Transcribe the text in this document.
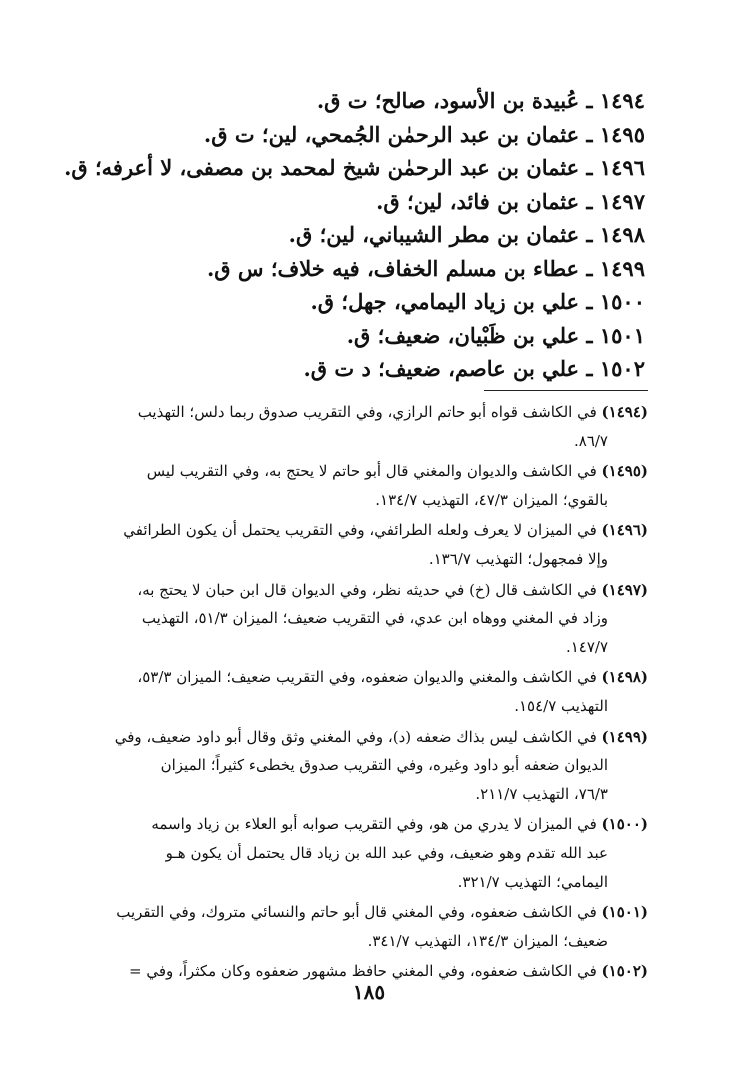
١٤٩٤ ـ عُبيدة بن الأسود، صالح؛ ت ق.
١٤٩٥ ـ عثمان بن عبد الرحمٰن الجُمحي، لين؛ ت ق.
١٤٩٦ ـ عثمان بن عبد الرحمٰن شيخ لمحمد بن مصفى، لا أعرفه؛ ق.
١٤٩٧ ـ عثمان بن فائد، لين؛ ق.
١٤٩٨ ـ عثمان بن مطر الشيباني، لين؛ ق.
١٤٩٩ ـ عطاء بن مسلم الخفاف، فيه خلاف؛ س ق.
١٥٠٠ ـ علي بن زياد اليمامي، جهل؛ ق.
١٥٠١ ـ علي بن ظَبْيان، ضعيف؛ ق.
١٥٠٢ ـ علي بن عاصم، ضعيف؛ د ت ق.
(١٤٩٤) في الكاشف قواه أبو حاتم الرازي، وفي التقريب صدوق ربما دلس؛ التهذيب
٨٦/٧.
(١٤٩٥) في الكاشف والديوان والمغني قال أبو حاتم لا يحتج به، وفي التقريب ليس
بالقوي؛ الميزان ٤٧/٣، التهذيب ١٣٤/٧.
(١٤٩٦) في الميزان لا يعرف ولعله الطرائفي، وفي التقريب يحتمل أن يكون الطرائفي
وإلا فمجهول؛ التهذيب ١٣٦/٧.
(١٤٩٧) في الكاشف قال (خ) في حديثه نظر، وفي الديوان قال ابن حبان لا يحتج به،
وزاد في المغني ووهاه ابن عدي، في التقريب ضعيف؛ الميزان ٥١/٣، التهذيب
١٤٧/٧.
(١٤٩٨) في الكاشف والمغني والديوان ضعفوه، وفي التقريب ضعيف؛ الميزان ٥٣/٣،
التهذيب ١٥٤/٧.
(١٤٩٩) في الكاشف ليس بذاك ضعفه (د)، وفي المغني وثق وقال أبو داود ضعيف، وفي
الديوان ضعفه أبو داود وغيره، وفي التقريب صدوق يخطىء كثيراً؛ الميزان
٧٦/٣، التهذيب ٢١١/٧.
(١٥٠٠) في الميزان لا يدري من هو، وفي التقريب صوابه أبو العلاء بن زياد واسمه
عبد الله تقدم وهو ضعيف، وفي عبد الله بن زياد قال يحتمل أن يكون هـو
اليمامي؛ التهذيب ٣٢١/٧.
(١٥٠١) في الكاشف ضعفوه، وفي المغني قال أبو حاتم والنسائي متروك، وفي التقريب
ضعيف؛ الميزان ١٣٤/٣، التهذيب ٣٤١/٧.
(١٥٠٢) في الكاشف ضعفوه، وفي المغني حافظ مشهور ضعفوه وكان مكثراً، وفي =
١٨٥
